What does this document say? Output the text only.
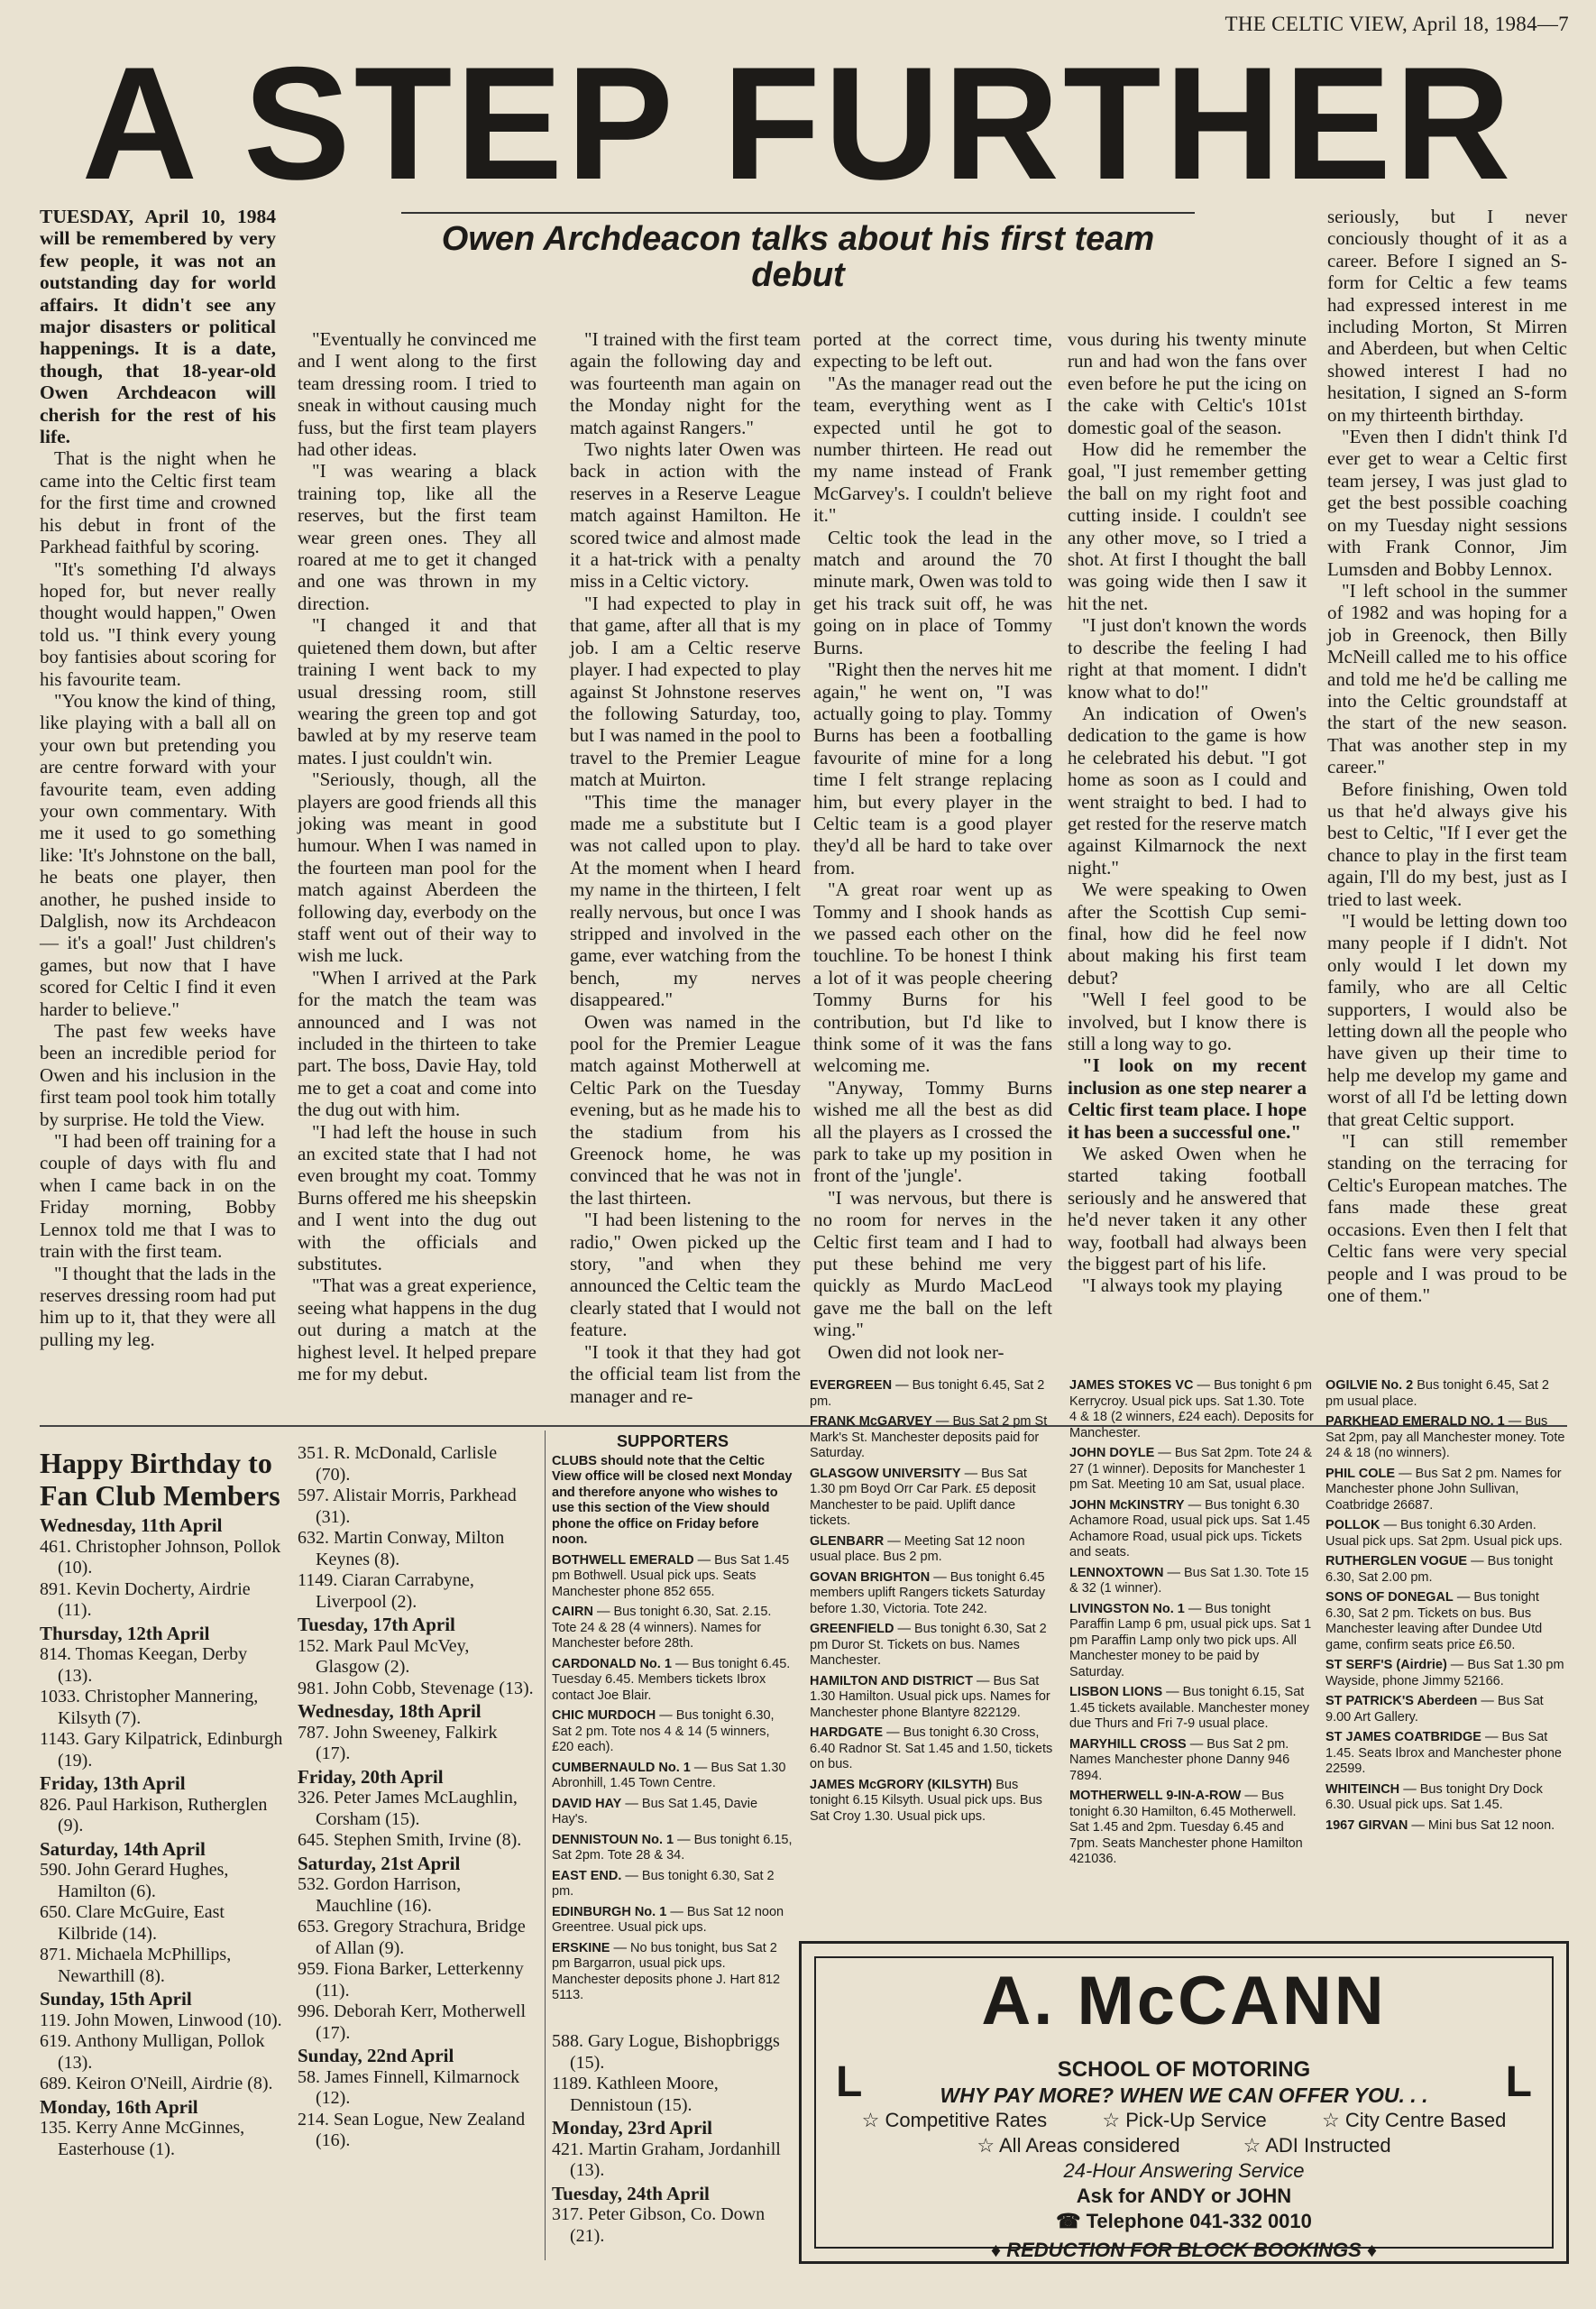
THE CELTIC VIEW, April 18, 1984—7
A STEP FURTHER
Owen Archdeacon talks about his first team debut

TUESDAY, April 10, 1984 will be remembered by very few people, it was not an outstanding day for world affairs. It didn't see any major disasters or political happenings. It is a date, though, that 18-year-old Owen Archdeacon will cherish for the rest of his life.

That is the night when he came into the Celtic first team for the first time and crowned his debut in front of the Parkhead faithful by scoring.

"It's something I'd always hoped for, but never really thought would happen," Owen told us. "I think every young boy fantisies about scoring for his favourite team.

"You know the kind of thing, like playing with a ball all on your own but pretending you are centre forward with your favourite team, even adding your own commentary. With me it used to go something like: 'It's Johnstone on the ball, he beats one player, then another, he pushed inside to Dalglish, now its Archdeacon — it's a goal!' Just children's games, but now that I have scored for Celtic I find it even harder to believe."

The past few weeks have been an incredible period for Owen and his inclusion in the first team pool took him totally by surprise. He told the View.

"I had been off training for a couple of days with flu and when I came back in on the Friday morning, Bobby Lennox told me that I was to train with the first team.

"I thought that the lads in the reserves dressing room had put him up to it, that they were all pulling my leg.

"Eventually he convinced me and I went along to the first team dressing room. I tried to sneak in without causing much fuss, but the first team players had other ideas.

"I was wearing a black training top, like all the reserves, but the first team wear green ones. They all roared at me to get it changed and one was thrown in my direction.

"I changed it and that quietened them down, but after training I went back to my usual dressing room, still wearing the green top and got bawled at by my reserve team mates. I just couldn't win.

"Seriously, though, all the players are good friends all this joking was meant in good humour. When I was named in the fourteen man pool for the match against Aberdeen the following day, everbody on the staff went out of their way to wish me luck.

"When I arrived at the Park for the match the team was announced and I was not included in the thirteen to take part. The boss, Davie Hay, told me to get a coat and come into the dug out with him.

"I had left the house in such an excited state that I had not even brought my coat. Tommy Burns offered me his sheepskin and I went into the dug out with the officials and substitutes.

"That was a great experience, seeing what happens in the dug out during a match at the highest level. It helped prepare me for my debut.

"I trained with the first team again the following day and was fourteenth man again on the Monday night for the match against Rangers."

Two nights later Owen was back in action with the reserves in a Reserve League match against Hamilton. He scored twice and almost made it a hat-trick with a penalty miss in a Celtic victory.

"I had expected to play in that game, after all that is my job. I am a Celtic reserve player. I had expected to play against St Johnstone reserves the following Saturday, too, but I was named in the pool to travel to the Premier League match at Muirton.

"This time the manager made me a substitute but I was not called upon to play. At the moment when I heard my name in the thirteen, I felt really nervous, but once I was stripped and involved in the game, ever watching from the bench, my nerves disappeared."

Owen was named in the pool for the Premier League match against Motherwell at Celtic Park on the Tuesday evening, but as he made his to the stadium from his Greenock home, he was convinced that he was not in the last thirteen.

"I had been listening to the radio," Owen picked up the story, "and when they announced the Celtic team the clearly stated that I would not feature.

"I took it that they had got the official team list from the manager and re-

ported at the correct time, expecting to be left out.

"As the manager read out the team, everything went as I expected until he got to number thirteen. He read out my name instead of Frank McGarvey's. I couldn't believe it."

Celtic took the lead in the match and around the 70 minute mark, Owen was told to get his track suit off, he was going on in place of Tommy Burns.

"Right then the nerves hit me again," he went on, "I was actually going to play. Tommy Burns has been a footballing favourite of mine for a long time I felt strange replacing him, but every player in the Celtic team is a good player they'd all be hard to take over from.

"A great roar went up as Tommy and I shook hands as we passed each other on the touchline. To be honest I think a lot of it was people cheering Tommy Burns for his contribution, but I'd like to think some of it was the fans welcoming me.

"Anyway, Tommy Burns wished me all the best as did all the players as I crossed the park to take up my position in front of the 'jungle'.

"I was nervous, but there is no room for nerves in the Celtic first team and I had to put these behind me very quickly as Murdo MacLeod gave me the ball on the left wing."

Owen did not look ner-

vous during his twenty minute run and had won the fans over even before he put the icing on the cake with Celtic's 101st domestic goal of the season.

How did he remember the goal, "I just remember getting the ball on my right foot and cutting inside. I couldn't see any other move, so I tried a shot. At first I thought the ball was going wide then I saw it hit the net.

"I just don't known the words to describe the feeling I had right at that moment. I didn't know what to do!"

An indication of Owen's dedication to the game is how he celebrated his debut. "I got home as soon as I could and went straight to bed. I had to get rested for the reserve match against Kilmarnock the next night."

We were speaking to Owen after the Scottish Cup semi-final, how did he feel now about making his first team debut?

"Well I feel good to be involved, but I know there is still a long way to go.

"I look on my recent inclusion as one step nearer a Celtic first team place. I hope it has been a successful one."

We asked Owen when he started taking football seriously and he answered that he'd never taken it any other way, football had always been the biggest part of his life.

"I always took my playing

seriously, but I never conciously thought of it as a career. Before I signed an S-form for Celtic a few teams had expressed interest in me including Morton, St Mirren and Aberdeen, but when Celtic showed interest I had no hesitation, I signed an S-form on my thirteenth birthday.

"Even then I didn't think I'd ever get to wear a Celtic first team jersey, I was just glad to get the best possible coaching on my Tuesday night sessions with Frank Connor, Jim Lumsden and Bobby Lennox.

"I left school in the summer of 1982 and was hoping for a job in Greenock, then Billy McNeill called me to his office and told me he'd be calling me into the Celtic groundstaff at the start of the new season. That was another step in my career."

Before finishing, Owen told us that he'd always give his best to Celtic, "If I ever get the chance to play in the first team again, I'll do my best, just as I tried to last week.

"I would be letting down too many people if I didn't. Not only would I let down my family, who are all Celtic supporters, I would also be letting down all the people who have given up their time to help me develop my game and worst of all I'd be letting down that great Celtic support.

"I can still remember standing on the terracing for Celtic's European matches. The fans made these great occasions. Even then I felt that Celtic fans were very special people and I was proud to be one of them."

Happy Birthday to Fan Club Members
Wednesday, 11th April
461. Christopher Johnson, Pollok (10).
891. Kevin Docherty, Airdrie (11).
Thursday, 12th April
814. Thomas Keegan, Derby (13).
1033. Christopher Mannering, Kilsyth (7).
1143. Gary Kilpatrick, Edinburgh (19).
Friday, 13th April
826. Paul Harkison, Rutherglen (9).
Saturday, 14th April
590. John Gerard Hughes, Hamilton (6).
650. Clare McGuire, East Kilbride (14).
871. Michaela McPhillips, Newarthill (8).
Sunday, 15th April
119. John Mowen, Linwood (10).
619. Anthony Mulligan, Pollok (13).
689. Keiron O'Neill, Airdrie (8).
Monday, 16th April
135. Kerry Anne McGinnes, Easterhouse (1).
351. R. McDonald, Carlisle (70).
597. Alistair Morris, Parkhead (31).
632. Martin Conway, Milton Keynes (8).
1149. Ciaran Carrabyne, Liverpool (2).
Tuesday, 17th April
152. Mark Paul McVey, Glasgow (2).
981. John Cobb, Stevenage (13).
Wednesday, 18th April
787. John Sweeney, Falkirk (17).
Friday, 20th April
326. Peter James McLaughlin, Corsham (15).
645. Stephen Smith, Irvine (8).
Saturday, 21st April
532. Gordon Harrison, Mauchline (16).
653. Gregory Strachura, Bridge of Allan (9).
959. Fiona Barker, Letterkenny (11).
996. Deborah Kerr, Motherwell (17).
Sunday, 22nd April
58. James Finnell, Kilmarnock (12).
214. Sean Logue, New Zealand (16).
SUPPORTERS

CLUBS should note that the Celtic View office will be closed next Monday and therefore anyone who wishes to use this section of the View should phone the office on Friday before noon.

BOTHWELL EMERALD — Bus Sat 1.45 pm Bothwell. Usual pick ups. Seats Manchester phone 852 655.

CAIRN — Bus tonight 6.30, Sat. 2.15. Tote 24 & 28 (4 winners). Names for Manchester before 28th.

CARDONALD No. 1 — Bus tonight 6.45. Tuesday 6.45. Members tickets Ibrox contact Joe Blair.

CHIC MURDOCH — Bus tonight 6.30, Sat 2 pm. Tote nos 4 & 14 (5 winners, £20 each).

CUMBERNAULD No. 1 — Bus Sat 1.30 Abronhill, 1.45 Town Centre.

DAVID HAY — Bus Sat 1.45, Davie Hay's.

DENNISTOUN No. 1 — Bus tonight 6.15, Sat 2pm. Tote 28 & 34.

EAST END. — Bus tonight 6.30, Sat 2 pm.

EDINBURGH No. 1 — Bus Sat 12 noon Greentree. Usual pick ups.

ERSKINE — No bus tonight, bus Sat 2 pm Bargarron, usual pick ups. Manchester deposits phone J. Hart 812 5113.

588. Gary Logue, Bishopbriggs (15).
1189. Kathleen Moore, Dennistoun (15).
Monday, 23rd April
421. Martin Graham, Jordanhill (13).
Tuesday, 24th April
317. Peter Gibson, Co. Down (21).

EVERGREEN — Bus tonight 6.45, Sat 2 pm.

FRANK McGARVEY — Bus Sat 2 pm St Mark's St. Manchester deposits paid for Saturday.

GLASGOW UNIVERSITY — Bus Sat 1.30 pm Boyd Orr Car Park. £5 deposit Manchester to be paid. Uplift dance tickets.

GLENBARR — Meeting Sat 12 noon usual place. Bus 2 pm.

GOVAN BRIGHTON — Bus tonight 6.45 members uplift Rangers tickets Saturday before 1.30, Victoria. Tote 242.

GREENFIELD — Bus tonight 6.30, Sat 2 pm Duror St. Tickets on bus. Names Manchester.

HAMILTON AND DISTRICT — Bus Sat 1.30 Hamilton. Usual pick ups. Names for Manchester phone Blantyre 822129.

HARDGATE — Bus tonight 6.30 Cross, 6.40 Radnor St. Sat 1.45 and 1.50, tickets on bus.

JAMES McGRORY (KILSYTH) Bus tonight 6.15 Kilsyth. Usual pick ups. Bus Sat Croy 1.30. Usual pick ups.

JAMES STOKES VC — Bus tonight 6 pm Kerrycroy. Usual pick ups. Sat 1.30. Tote 4 & 18 (2 winners, £24 each). Deposits for Manchester.

JOHN DOYLE — Bus Sat 2pm. Tote 24 & 27 (1 winner). Deposits for Manchester 1 pm Sat. Meeting 10 am Sat, usual place.

JOHN McKINSTRY — Bus tonight 6.30 Achamore Road, usual pick ups. Sat 1.45 Achamore Road, usual pick ups. Tickets and seats.

LENNOXTOWN — Bus Sat 1.30. Tote 15 & 32 (1 winner).

LIVINGSTON No. 1 — Bus tonight Paraffin Lamp 6 pm, usual pick ups. Sat 1 pm Paraffin Lamp only two pick ups. All Manchester money to be paid by Saturday.

LISBON LIONS — Bus tonight 6.15, Sat 1.45 tickets available. Manchester money due Thurs and Fri 7-9 usual place.

MARYHILL CROSS — Bus Sat 2 pm. Names Manchester phone Danny 946 7894.

MOTHERWELL 9-IN-A-ROW — Bus tonight 6.30 Hamilton, 6.45 Motherwell. Sat 1.45 and 2pm. Tuesday 6.45 and 7pm. Seats Manchester phone Hamilton 421036.

OGILVIE No. 2 Bus tonight 6.45, Sat 2 pm usual place.

PARKHEAD EMERALD NO. 1 — Bus Sat 2pm, pay all Manchester money. Tote 24 & 18 (no winners).

PHIL COLE — Bus Sat 2 pm. Names for Manchester phone John Sullivan, Coatbridge 26687.

POLLOK — Bus tonight 6.30 Arden. Usual pick ups. Sat 2pm. Usual pick ups.

RUTHERGLEN VOGUE — Bus tonight 6.30, Sat 2.00 pm.

SONS OF DONEGAL — Bus tonight 6.30, Sat 2 pm. Tickets on bus. Bus Manchester leaving after Dundee Utd game, confirm seats price £6.50.

ST SERF'S (Airdrie) — Bus Sat 1.30 pm Wayside, phone Jimmy 52166.

ST PATRICK'S Aberdeen — Bus Sat 9.00 Art Gallery.

ST JAMES COATBRIDGE — Bus Sat 1.45. Seats Ibrox and Manchester phone 22599.

WHITEINCH — Bus tonight Dry Dock 6.30. Usual pick ups. Sat 1.45.

1967 GIRVAN — Mini bus Sat 12 noon.

A. McCANN
L	L
SCHOOL OF MOTORING
WHY PAY MORE? WHEN WE CAN OFFER YOU. . .
☆ Competitive Rates	☆ Pick-Up Service	☆ City Centre Based
☆ All Areas considered	☆ ADI Instructed
24-Hour Answering Service
Ask for ANDY or JOHN
☎ Telephone 041-332 0010
♦ REDUCTION FOR BLOCK BOOKINGS ♦
